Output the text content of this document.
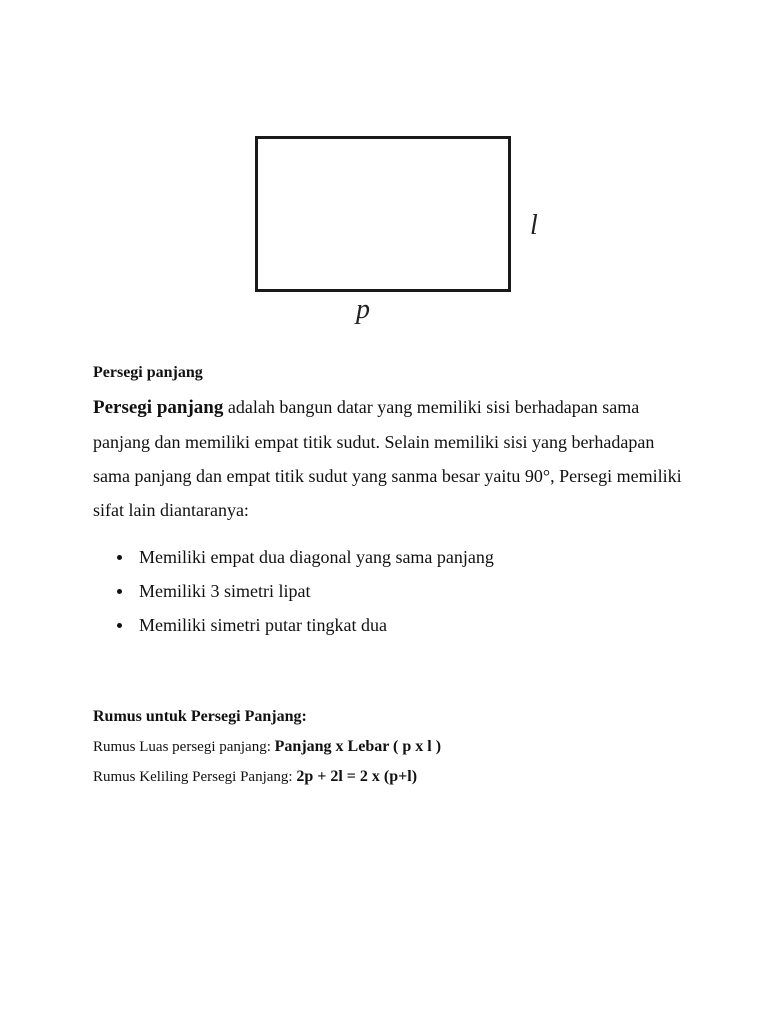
l
p
Persegi panjang
Persegi panjang adalah bangun datar yang memiliki sisi berhadapan sama panjang dan memiliki empat titik sudut. Selain memiliki sisi yang berhadapan sama panjang dan empat titik sudut yang sanma besar yaitu 90°, Persegi memiliki sifat lain diantaranya:
Memiliki empat dua diagonal yang sama panjang
Memiliki 3 simetri lipat
Memiliki simetri putar tingkat dua
Rumus untuk Persegi Panjang:
Rumus Luas persegi panjang: Panjang x Lebar ( p x l )
Rumus Keliling Persegi Panjang: 2p + 2l = 2 x (p+l)
